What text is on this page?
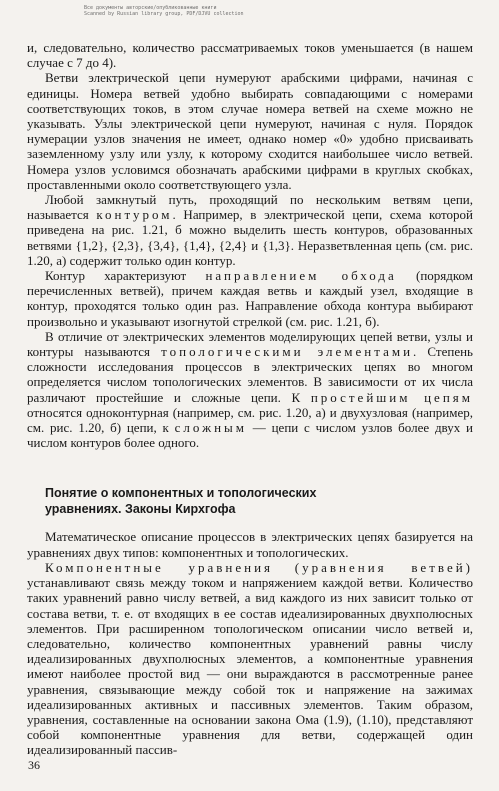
Все документы авторские/опубликованные книги
Scanned by Russian library group, PDF/DJVU collection

и, следовательно, количество рассматриваемых токов уменьшается (в нашем случае с 7 до 4).

Ветви электрической цепи нумеруют арабскими цифрами, начиная с единицы. Номера ветвей удобно выбирать совпадающими с номерами соответствующих токов, в этом случае номера ветвей на схеме можно не указывать. Узлы электрической цепи нумеруют, начиная с нуля. Порядок нумерации узлов значения не имеет, однако номер «0» удобно присваивать заземленному узлу или узлу, к которому сходится наибольшее число ветвей. Номера узлов условимся обозначать арабскими цифрами в круглых скобках, проставленными около соответствующего узла.

Любой замкнутый путь, проходящий по нескольким ветвям цепи, называется контуром. Например, в электрической цепи, схема которой приведена на рис. 1.21, б можно выделить шесть контуров, образованных ветвями {1,2}, {2,3}, {3,4}, {1,4}, {2,4} и {1,3}. Неразветвленная цепь (см. рис. 1.20, а) содержит только один контур.

Контур характеризуют направлением обхода (порядком перечисленных ветвей), причем каждая ветвь и каждый узел, входящие в контур, проходятся только один раз. Направление обхода контура выбирают произвольно и указывают изогнутой стрелкой (см. рис. 1.21, б).

В отличие от электрических элементов моделирующих цепей ветви, узлы и контуры называются топологическими элементами. Степень сложности исследования процессов в электрических цепях во многом определяется числом топологических элементов. В зависимости от их числа различают простейшие и сложные цепи. К простейшим цепям относятся одноконтурная (например, см. рис. 1.20, а) и двухузловая (например, см. рис. 1.20, б) цепи, к сложным — цепи с числом узлов более двух и числом контуров более одного.

Понятие о компонентных и топологических
уравнениях. Законы Кирхгофа

Математическое описание процессов в электрических цепях базируется на уравнениях двух типов: компонентных и топологических.

Компонентные уравнения (уравнения ветвей) устанавливают связь между током и напряжением каждой ветви. Количество таких уравнений равно числу ветвей, а вид каждого из них зависит только от состава ветви, т. е. от входящих в ее состав идеализированных двухполюсных элементов. При расширенном топологическом описании число ветвей и, следовательно, количество компонентных уравнений равны числу идеализированных двухполюсных элементов, а компонентные уравнения имеют наиболее простой вид — они выраждаются в рассмотренные ранее уравнения, связывающие между собой ток и напряжение на зажимах идеализированных активных и пассивных элементов. Таким образом, уравнения, составленные на основании закона Ома (1.9), (1.10), представляют собой компонентные уравнения для ветви, содержащей один идеализированный пассив-

36
